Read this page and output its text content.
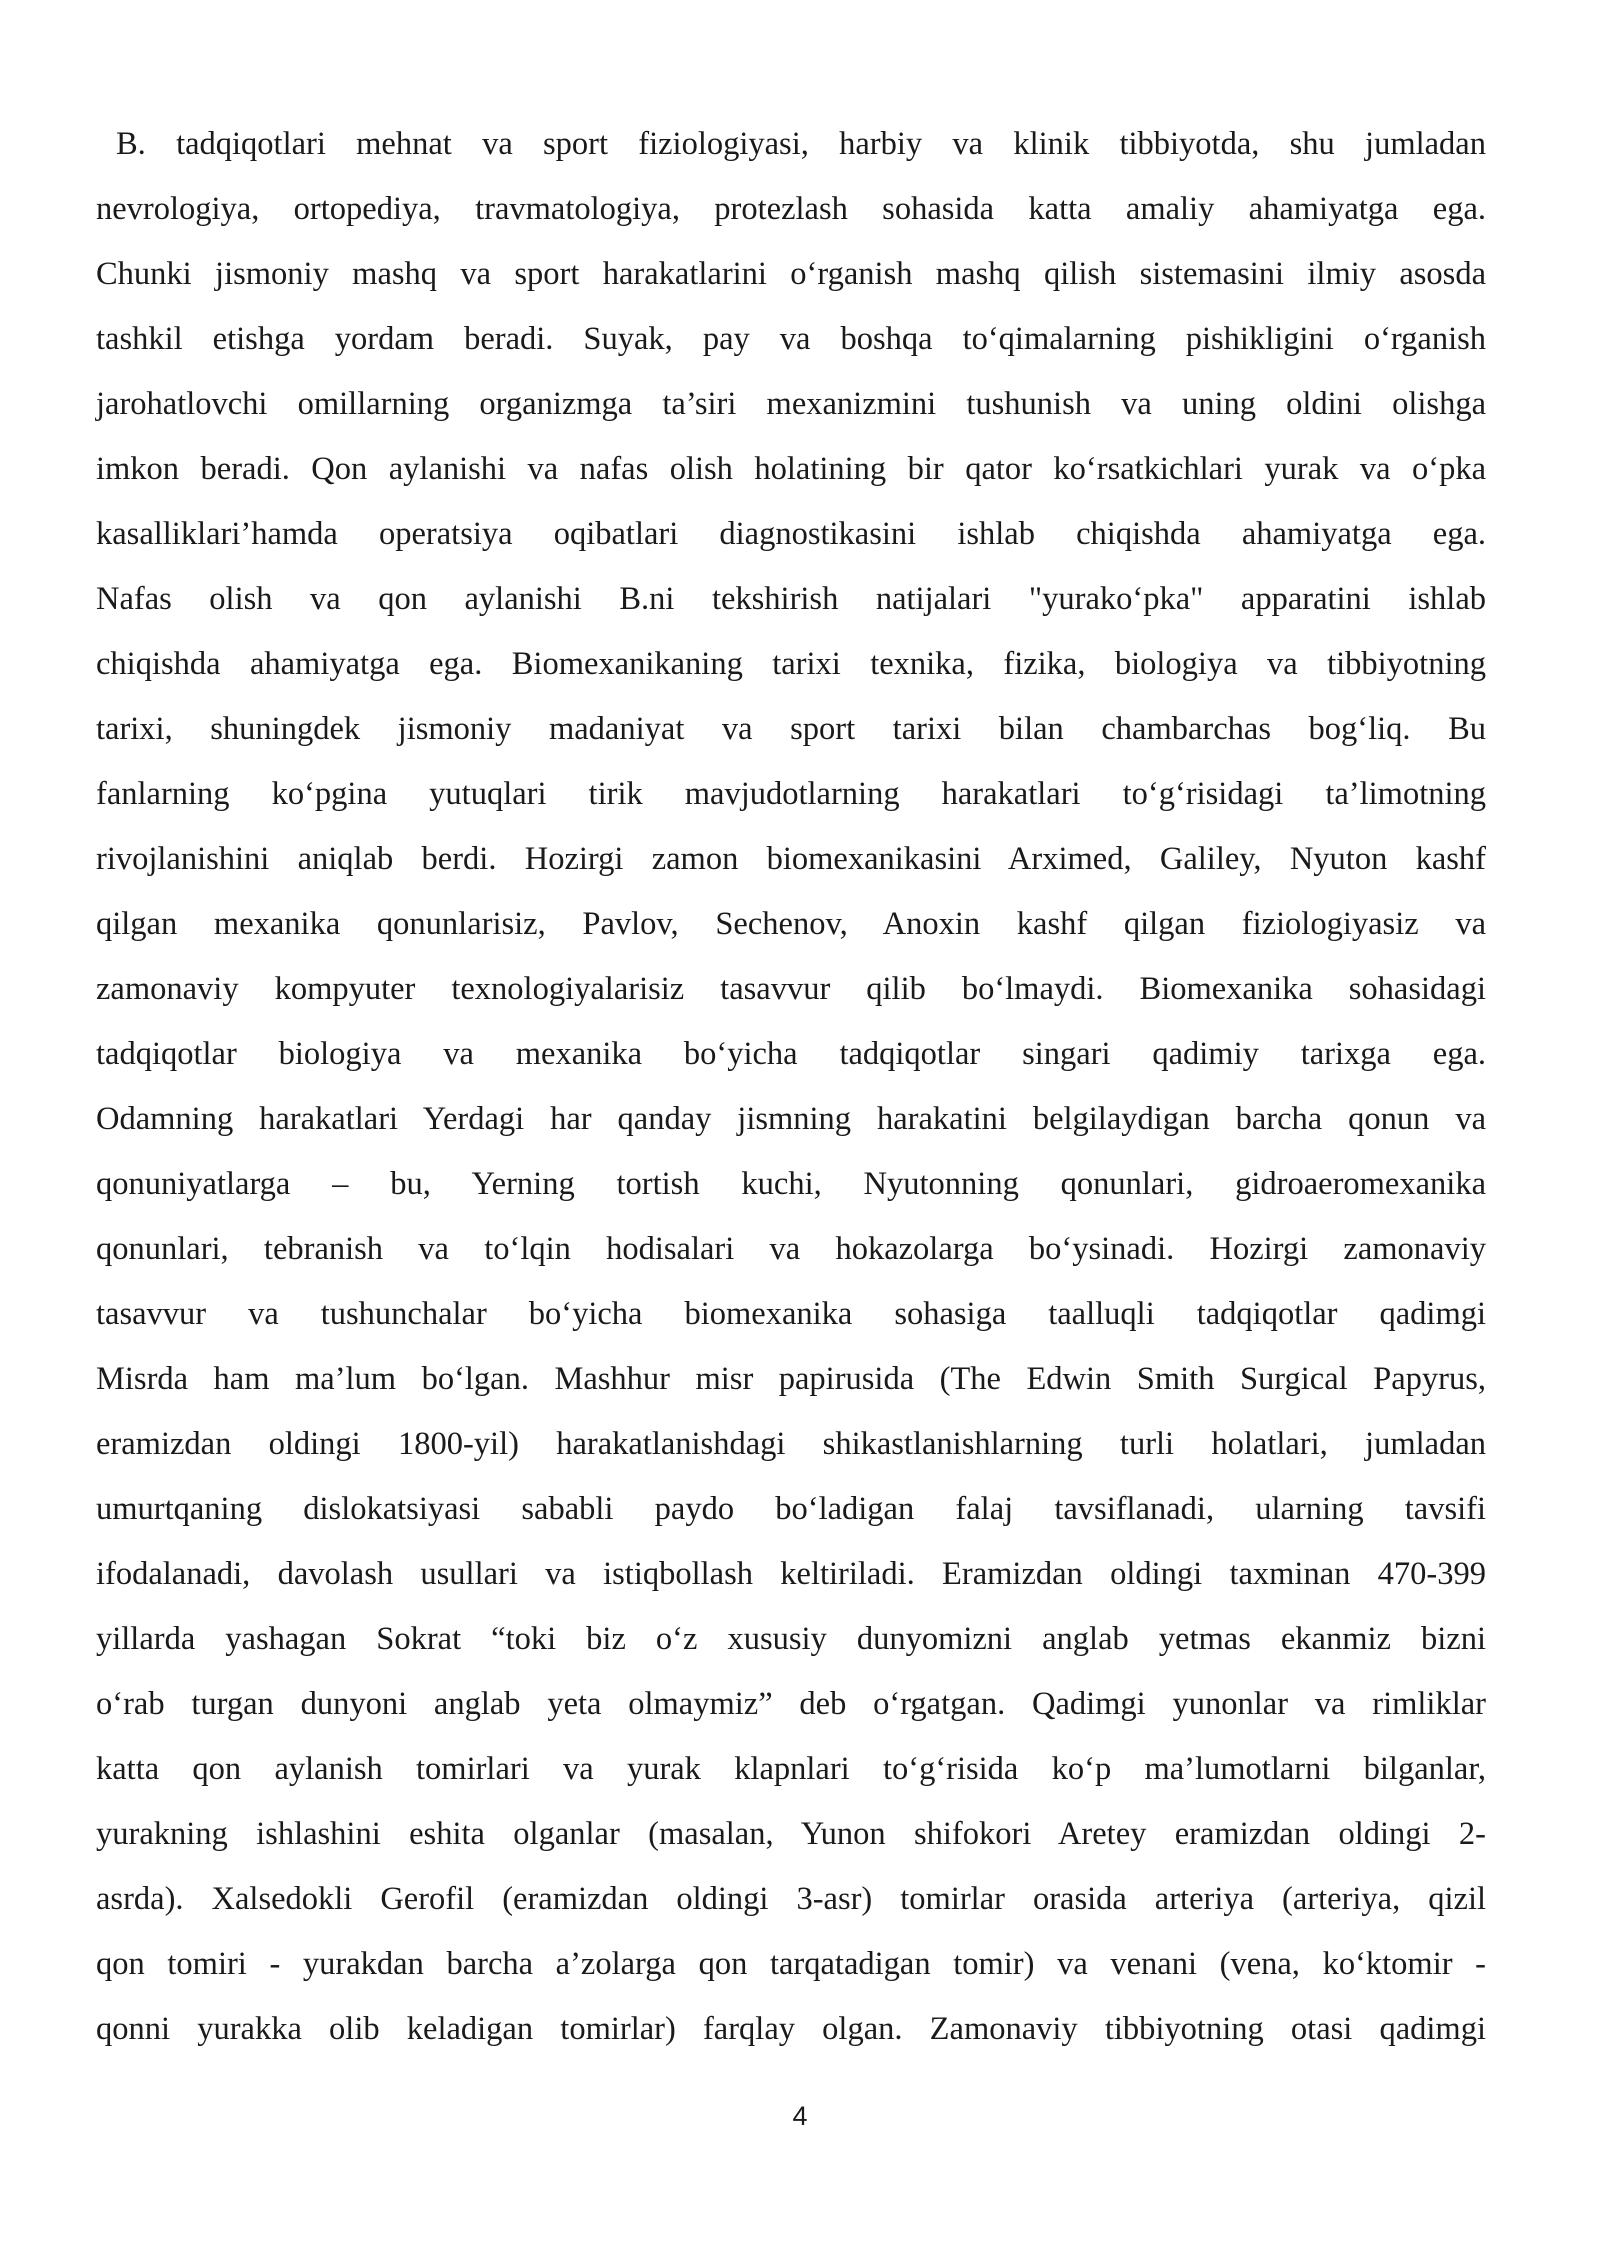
B. tadqiqotlari mehnat va sport fiziologiyasi, harbiy va klinik tibbiyotda, shu jumladan
nevrologiya, ortopediya, travmatologiya, protezlash sohasida katta amaliy ahamiyatga ega.
Chunki jismoniy mashq va sport harakatlarini o‘rganish mashq qilish sistemasini ilmiy asosda
tashkil etishga yordam beradi. Suyak, pay va boshqa to‘qimalarning pishikligini o‘rganish
jarohatlovchi omillarning organizmga ta’siri mexanizmini tushunish va uning oldini olishga
imkon beradi. Qon aylanishi va nafas olish holatining bir qator ko‘rsatkichlari yurak va o‘pka
kasalliklari’hamda operatsiya oqibatlari diagnostikasini ishlab chiqishda ahamiyatga ega.
Nafas olish va qon aylanishi B.ni tekshirish natijalari "yurako‘pka" apparatini ishlab
chiqishda ahamiyatga ega. Biomexanikaning tarixi texnika, fizika, biologiya va tibbiyotning
tarixi, shuningdek jismoniy madaniyat va sport tarixi bilan chambarchas bog‘liq. Bu
fanlarning ko‘pgina yutuqlari tirik mavjudotlarning harakatlari to‘g‘risidagi ta’limotning
rivojlanishini aniqlab berdi. Hozirgi zamon biomexanikasini Arximed, Galiley, Nyuton kashf
qilgan mexanika qonunlarisiz, Pavlov, Sechenov, Anoxin kashf qilgan fiziologiyasiz va
zamonaviy kompyuter texnologiyalarisiz tasavvur qilib bo‘lmaydi. Biomexanika sohasidagi
tadqiqotlar biologiya va mexanika bo‘yicha tadqiqotlar singari qadimiy tarixga ega.
Odamning harakatlari Yerdagi har qanday jismning harakatini belgilaydigan barcha qonun va
qonuniyatlarga – bu, Yerning tortish kuchi, Nyutonning qonunlari, gidroaeromexanika
qonunlari, tebranish va to‘lqin hodisalari va hokazolarga bo‘ysinadi. Hozirgi zamonaviy
tasavvur va tushunchalar bo‘yicha biomexanika sohasiga taalluqli tadqiqotlar qadimgi
Misrda ham ma’lum bo‘lgan. Mashhur misr papirusida (The Edwin Smith Surgical Papyrus,
eramizdan oldingi 1800-yil) harakatlanishdagi shikastlanishlarning turli holatlari, jumladan
umurtqaning dislokatsiyasi sababli paydo bo‘ladigan falaj tavsiflanadi, ularning tavsifi
ifodalanadi, davolash usullari va istiqbollash keltiriladi. Eramizdan oldingi taxminan 470-399
yillarda yashagan Sokrat “toki biz o‘z xususiy dunyomizni anglab yetmas ekanmiz bizni
o‘rab turgan dunyoni anglab yeta olmaymiz” deb o‘rgatgan. Qadimgi yunonlar va rimliklar
katta qon aylanish tomirlari va yurak klapnlari to‘g‘risida ko‘p ma’lumotlarni bilganlar,
yurakning ishlashini eshita olganlar (masalan, Yunon shifokori Aretey eramizdan oldingi 2-
asrda). Xalsedokli Gerofil (eramizdan oldingi 3-asr) tomirlar orasida arteriya (arteriya, qizil
qon tomiri - yurakdan barcha a’zolarga qon tarqatadigan tomir) va venani (vena, ko‘ktomir -
qonni yurakka olib keladigan tomirlar) farqlay olgan. Zamonaviy tibbiyotning otasi qadimgi
4
